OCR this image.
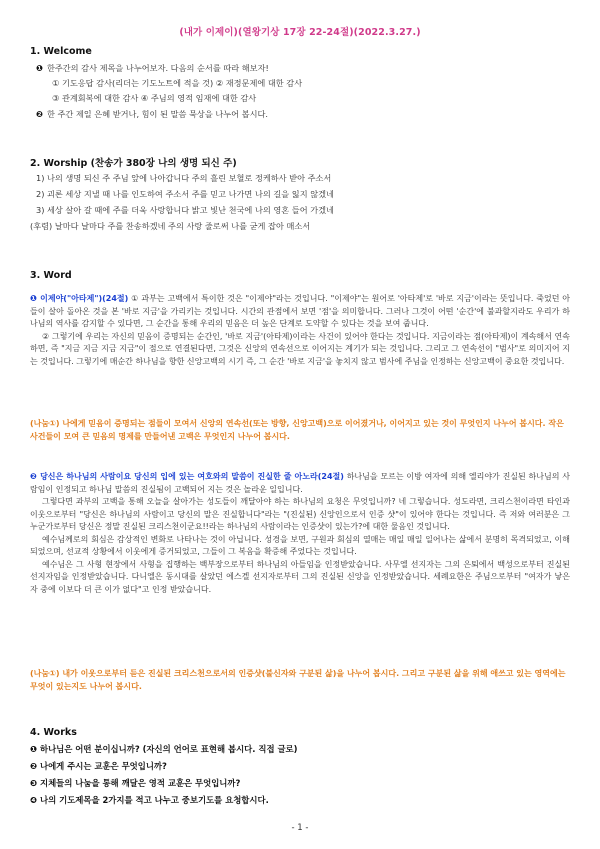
(내가 이제이)(열왕기상 17장 22-24절)(2022.3.27.)
1. Welcome
❶ 한주간의 감사 제목을 나누어보자. 다음의 순서를 따라 해보자!
① 기도응답 감사(리더는 기도노트에 적을 것) ② 재정문제에 대한 감사
③ 관계회복에 대한 감사 ④ 주님의 영적 임재에 대한 감사
❷ 한 주간 제일 은혜 받거나, 힘이 된 말씀 묵상을 나누어 봅시다.
2. Worship (찬송가 380장 나의 생명 되신 주)
1) 나의 생명 되신 주 주님 앞에 나아갑니다 주의 흘린 보혈로 정케하사 받아 주소서
2) 괴론 세상 지낼 때 나를 인도하여 주소서 주를 믿고 나가면 나의 길을 잃지 않겠네
3) 세상 살아 갈 때에 주를 더욱 사랑합니다 밝고 빛난 천국에 나의 영혼 들어 가겠네
(후렴) 날마다 날마다 주를 찬송하겠네 주의 사랑 줄로써 나를 굳게 잡아 매소서
3. Word

❶ 이제야("아타제")(24절) ① 과부는 고백에서 특이한 것은 "이제야"라는 것입니다. "이제야"는 원어로 '아타제'로 '바로 지금'이라는 뜻입니다. 죽었던 아들이 살아 돌아온 것을 본 '바로 지금'을 가리키는 것입니다. 시간의 관점에서 보면 '점'을 의미합니다. 그러나 그것이 어떤 '순간'에 불과할지라도 우리가 하나님의 역사를 감지할 수 있다면, 그 순간을 통해 우리의 믿음은 더 높은 단계로 도약할 수 있다는 것을 보여 줍니다.

② 그렇기에 우리는 자신의 믿음이 증명되는 순간인, '바로 지금'(아타제)이라는 사건이 있어야 한다는 것입니다. 지금이라는 점(아타제)이 계속해서 연속하면, 즉 "지금 지금 지금 지금"이 점으로 연결된다면, 그것은 신앙의 연속선으로 이어지는 계기가 되는 것입니다. 그리고 그 연속선이 "범사"로 의미지어 지는 것입니다. 그렇기에 매순간 하나님을 향한 신앙고백의 시기 즉, 그 순간 '바로 지금'을 놓치지 않고 범사에 주님을 인정하는 신앙고백이 중요한 것입니다.

(나눔①) 나에게 믿음이 증명되는 점들이 모여서 신앙의 연속선(또는 방향, 신앙고백)으로 이어졌거나, 이어지고 있는 것이 무엇인지 나누어 봅시다. 작은 사건들이 모여 큰 믿음의 명제를 만들어낸 고백은 무엇인지 나누어 봅시다.

❷ 당신은 하나님의 사람이요 당신의 입에 있는 여호와의 말씀이 진실한 줄 아노라(24절) 하나님을 모르는 이방 여자에 의해 엘리야가 진실된 하나님의 사람임이 인정되고 하나님 말씀의 진실됨이 고백되어 지는 것은 놀라운 일입니다.

그렇다면 과부의 고백을 통해 오늘을 살아가는 성도들이 깨달아야 하는 하나님의 요청은 무엇입니까? 네 그렇습니다. 성도라면, 크리스천이라면 타인과 이웃으로부터 "당신은 하나님의 사람이고 당신의 말은 진실합니다"라는 "(진실된) 신앙인으로서 인증 샷"이 있어야 한다는 것입니다. 즉 저와 여러분은 그 누군가로부터 당신은 정말 진실된 크리스천이군요!!라는 하나님의 사람이라는 인증샷이 있는가?에 대한 물음인 것입니다.

예수님께로의 회심은 감상적인 변화로 나타나는 것이 아닙니다. 성경을 보면, 구원과 회심의 열매는 매일 매일 일어나는 삶에서 분명히 목격되었고, 이해되었으며, 선교적 상황에서 이웃에게 증거되었고, 그들이 그 복음을 확증해 주었다는 것입니다.

예수님은 그 사형 현장에서 사형을 집행하는 백부장으로부터 하나님의 아들임을 인정받았습니다. 사무엘 선지자는 그의 은퇴에서 백성으로부터 진실된 선지자임을 인정받았습니다. 다니엘은 동시대를 살았던 에스겔 선지자로부터 그의 진실된 신앙을 인정받았습니다. 세례요한은 주님으로부터 "여자가 낳은 자 중에 이보다 더 큰 이가 없다"고 인정 받았습니다.

(나눔①) 내가 이웃으로부터 듣은 진실된 크리스천으로서의 인증샷(불신자와 구분된 삶)을 나누어 봅시다. 그리고 구분된 삶을 위해 애쓰고 있는 영역에는 무엇이 있는지도 나누어 봅시다.
4. Works
❶ 하나님은 어떤 분이십니까? (자신의 언어로 표현해 봅시다. 직접 글로)
❷ 나에게 주시는 교훈은 무엇입니까?
❸ 지체들의 나눔을 통해 깨달은 영적 교훈은 무엇입니까?
❹ 나의 기도제목을 2가지를 적고 나누고 중보기도를 요청합시다.
- 1 -
